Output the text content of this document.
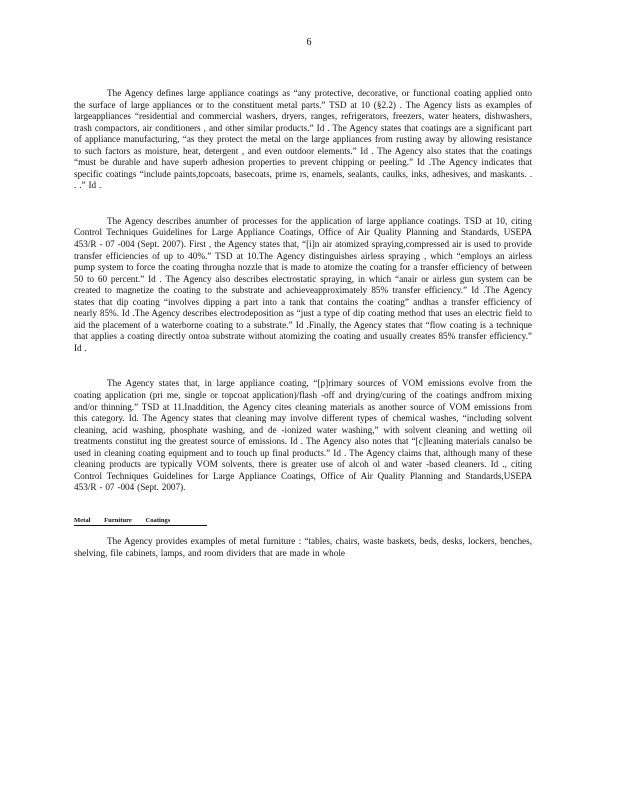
6

The Agency defines large appliance coatings as “any protective, decorative, or functional coating applied onto the surface of large appliances or to the constituent metal parts.” TSD at 10 (§2.2) . The Agency lists as examples of largeappliances “residential and commercial washers, dryers, ranges, refrigerators, freezers, water heaters, dishwashers, trash compactors, air conditioners , and other similar products.” Id . The Agency states that coatings are a significant part of appliance manufacturing, “as they protect the metal on the large appliances from rusting away by allowing resistance to such factors as moisture, heat, detergent , and even outdoor elements.” Id . The Agency also states that the coatings “must be durable and have superb adhesion properties to prevent chipping or peeling.” Id .The Agency indicates that specific coatings “include paints,topcoats, basecoats, prime rs, enamels, sealants, caulks, inks, adhesives, and maskants. . . .” Id .

The Agency describes anumber of processes for the application of large appliance coatings. TSD at 10, citing Control Techniques Guidelines for Large Appliance Coatings, Office of Air Quality Planning and Standards, USEPA 453/R - 07 -004 (Sept. 2007). First , the Agency states that, “[i]n air atomized spraying,compressed air is used to provide transfer efficiencies of up to 40%.” TSD at 10.The Agency distinguishes airless spraying , which “employs an airless pump system to force the coating througha nozzle that is made to atomize the coating for a transfer efficiency of between 50 to 60 percent.” Id . The Agency also describes electrostatic spraying, in which “anair or airless gun system can be created to magnetize the coating to the substrate and achieveapproximately 85% transfer efficiency.” Id .The Agency states that dip coating “involves dipping a part into a tank that contains the coating” andhas a transfer efficiency of nearly 85%. Id .The Agency describes electrodeposition as “just a type of dip coating method that uses an electric field to aid the placement of a waterborne coating to a substrate.” Id .Finally, the Agency states that “flow coating is a technique that applies a coating directly ontoa substrate without atomizing the coating and usually creates 85% transfer efficiency.” Id .

The Agency states that, in large appliance coating, “[p]rimary sources of VOM emissions evolve from the coating application (pri me, single or topcoat application)/flash -off and drying/curing of the coatings andfrom mixing and/or thinning.” TSD at 11.Inaddition, the Agency cites cleaning materials as another source of VOM emissions from this category. Id. The Agency states that cleaning may involve different types of chemical washes, “including solvent cleaning, acid washing, phosphate washing, and de -ionized water washing,” with solvent cleaning and wetting oil treatments constitut ing the greatest source of emissions. Id . The Agency also notes that “[c]leaning materials canalso be used in cleaning coating equipment and to touch up final products.” Id . The Agency claims that, although many of these cleaning products are typically VOM solvents, there is greater use of alcoh ol and water -based cleaners. Id ., citing Control Techniques Guidelines for Large Appliance Coatings, Office of Air Quality Planning and Standards,USEPA 453/R - 07 -004 (Sept. 2007).

Metal Furniture Coatings

The Agency provides examples of metal furniture : “tables, chairs, waste baskets, beds, desks, lockers, benches, shelving, file cabinets, lamps, and room dividers that are made in whole
